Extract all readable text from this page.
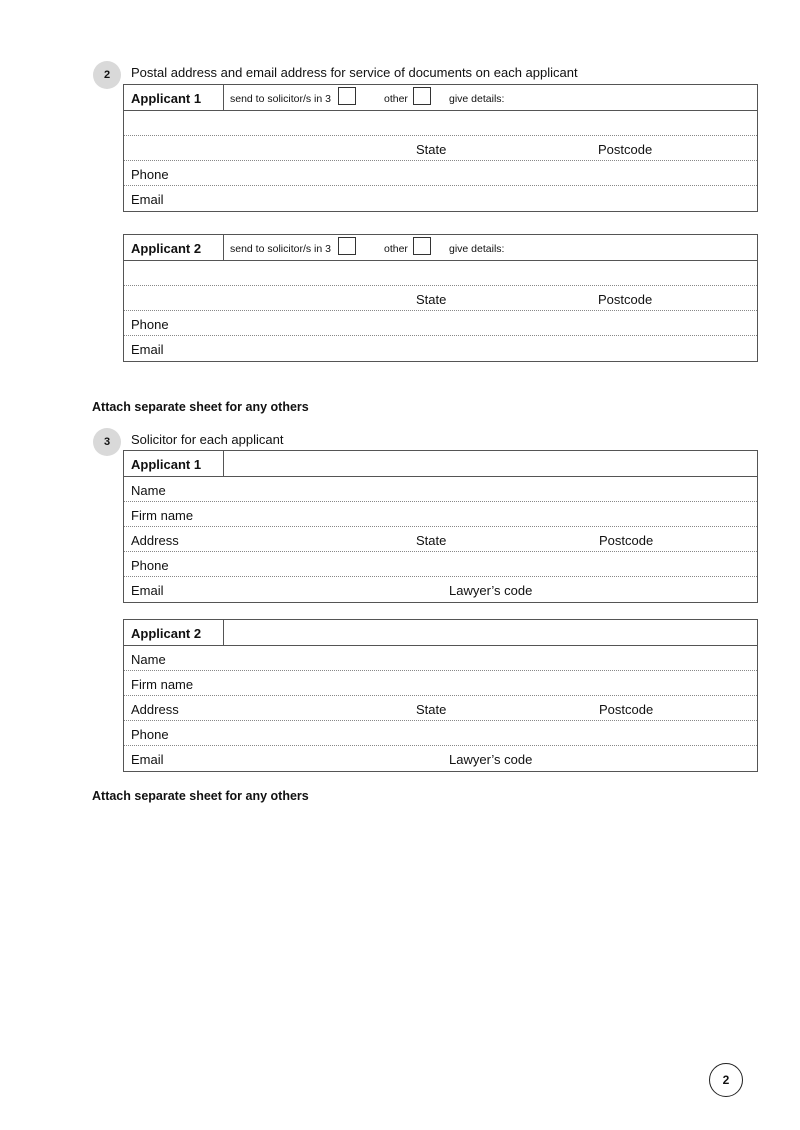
2 Postal address and email address for service of documents on each applicant
Applicant 1	send to solicitor/s in 3	other	give details:
State	Postcode
Phone
Email
Applicant 2	send to solicitor/s in 3	other	give details:
State	Postcode
Phone
Email
Attach separate sheet for any others
3 Solicitor for each applicant
Applicant 1
Name
Firm name
Address	State	Postcode
Phone
Email	Lawyer’s code
Applicant 2
Name
Firm name
Address	State	Postcode
Phone
Email	Lawyer’s code
Attach separate sheet for any others
2
